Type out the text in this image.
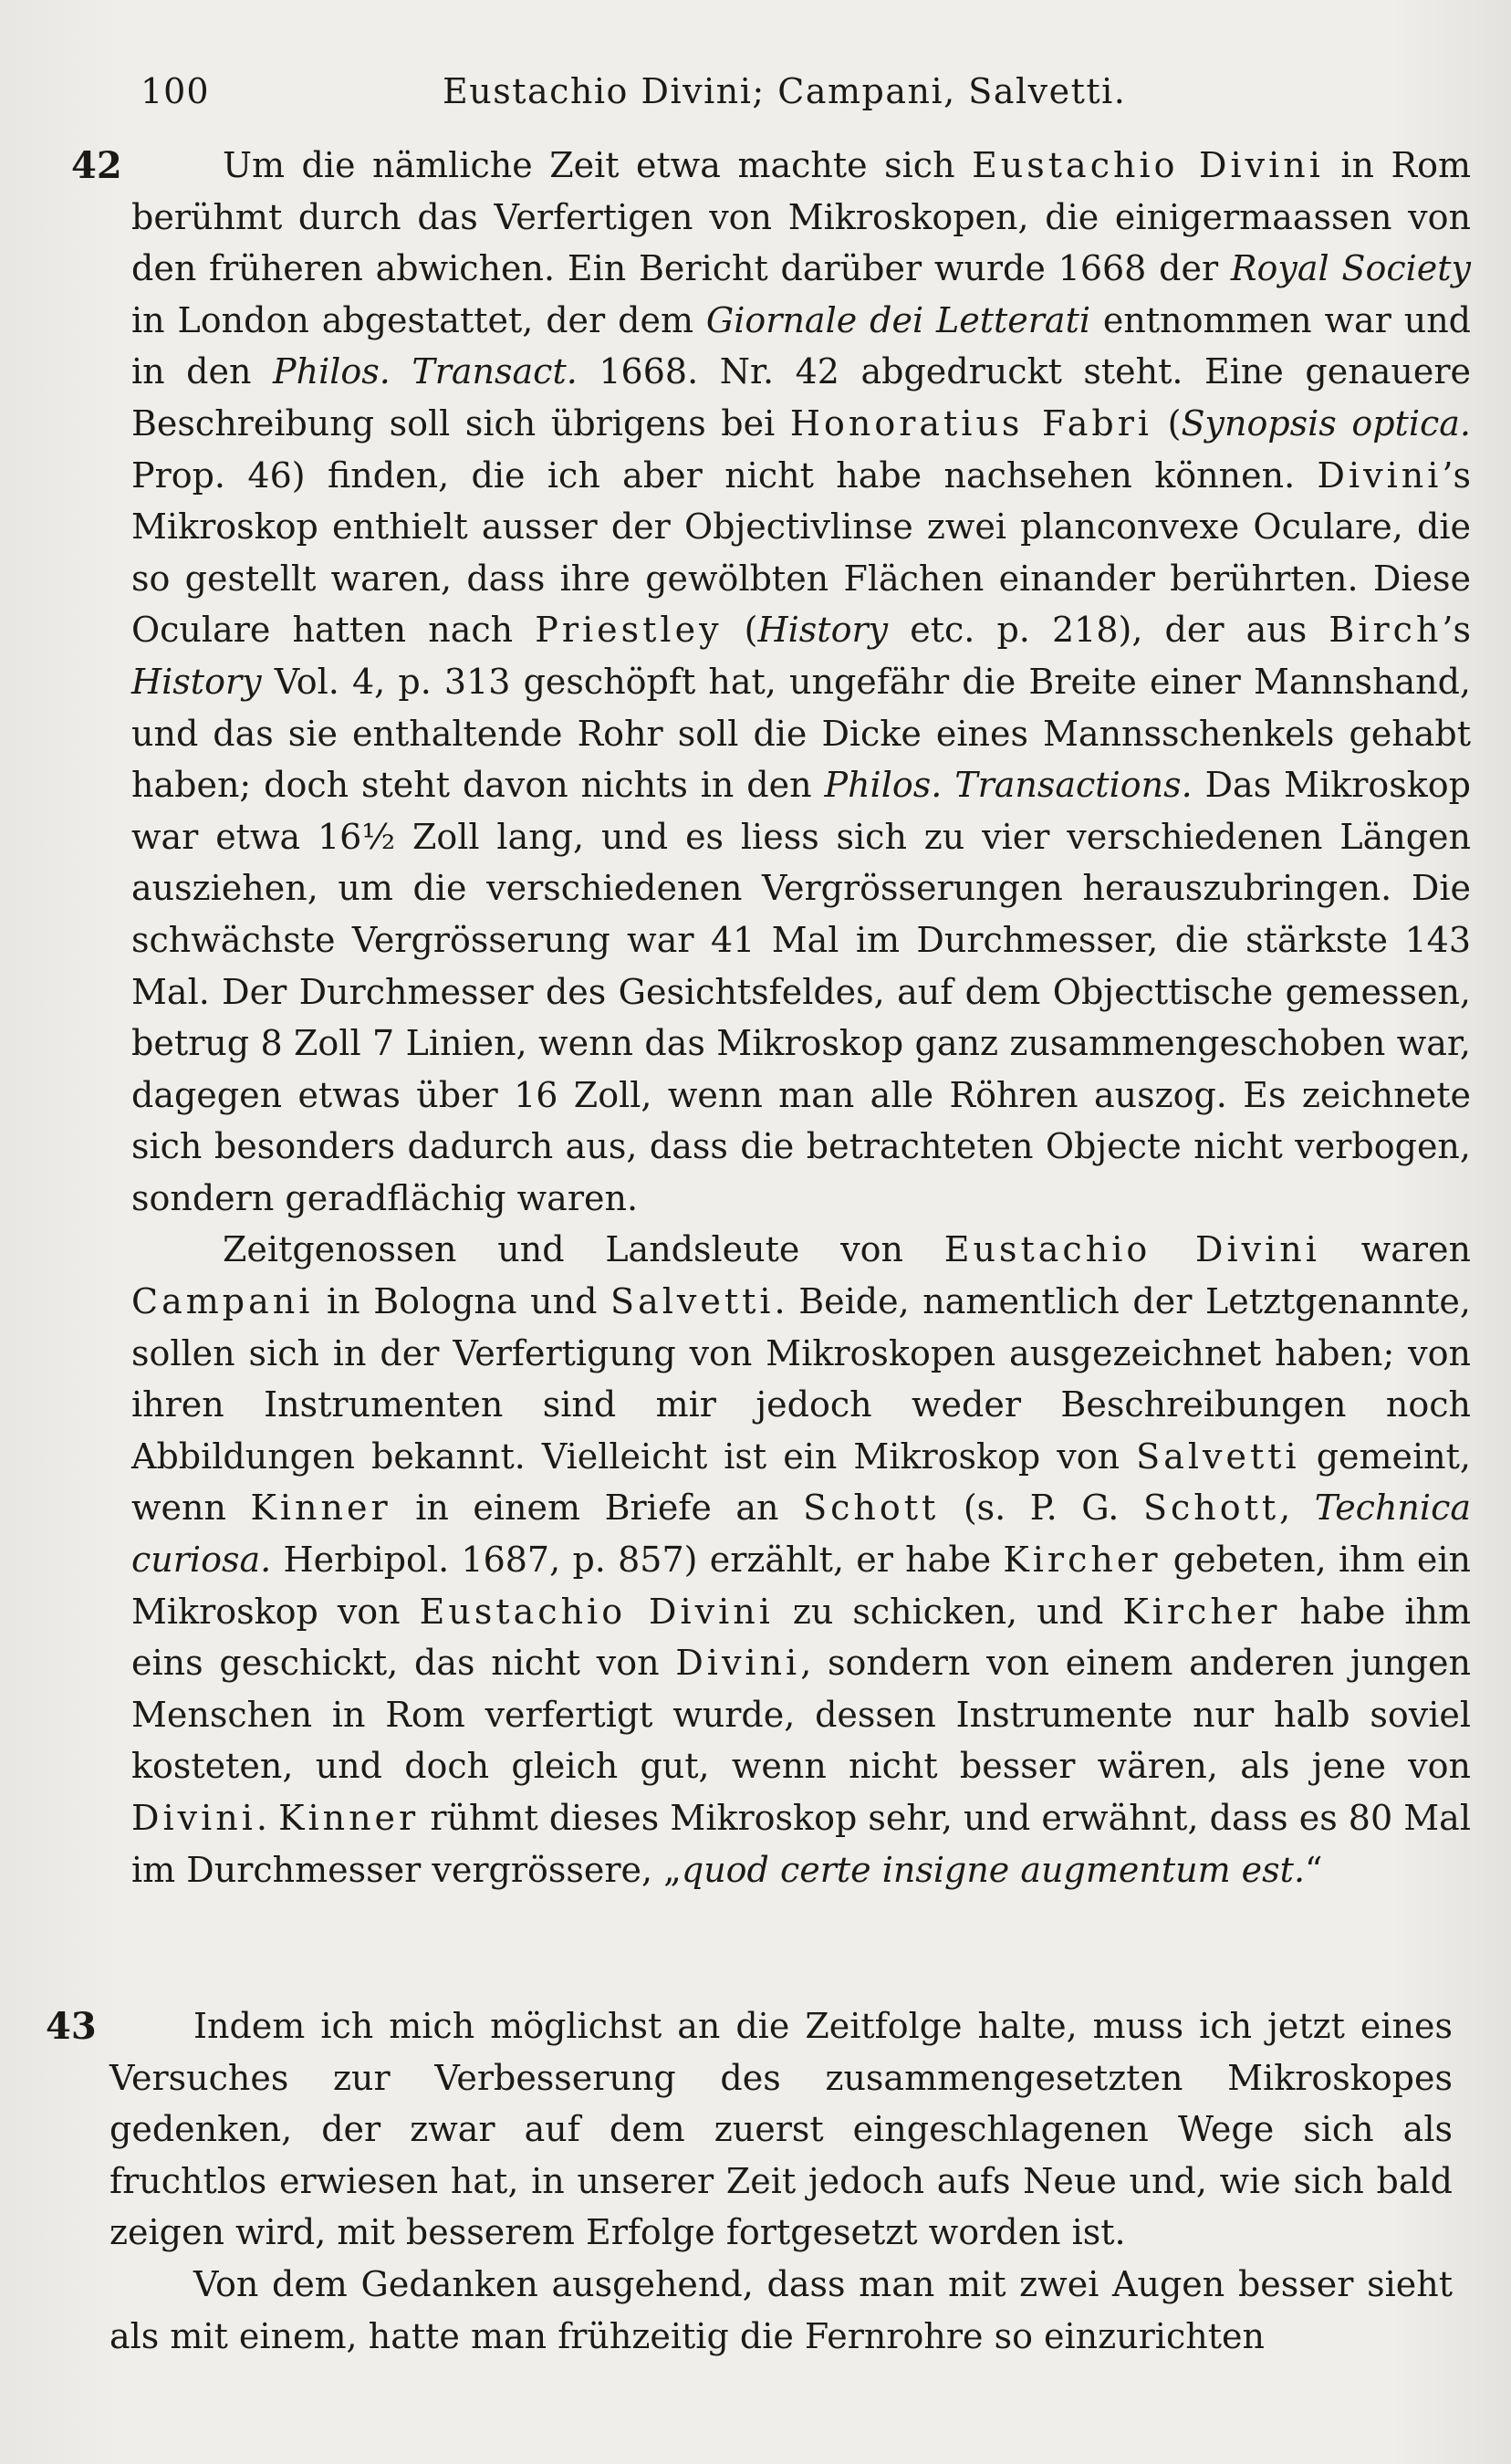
100	Eustachio Divini; Campani, Salvetti.
42	Um die nämliche Zeit etwa machte sich Eustachio Divini in Rom berühmt durch das Verfertigen von Mikroskopen, die einigermaassen von den früheren abwichen. Ein Bericht darüber wurde 1668 der Royal Society in London abgestattet, der dem Giornale dei Letterati entnommen war und in den Philos. Transact. 1668. Nr. 42 abgedruckt steht. Eine genauere Beschreibung soll sich übrigens bei Honoratius Fabri (Synopsis optica. Prop. 46) finden, die ich aber nicht habe nachsehen können. Divini’s Mikroskop enthielt ausser der Objectivlinse zwei planconvexe Oculare, die so gestellt waren, dass ihre gewölbten Flächen einander berührten. Diese Oculare hatten nach Priestley (History etc. p. 218), der aus Birch’s History Vol. 4, p. 313 geschöpft hat, ungefähr die Breite einer Mannshand, und das sie enthaltende Rohr soll die Dicke eines Mannsschenkels gehabt haben; doch steht davon nichts in den Philos. Transactions. Das Mikroskop war etwa 16½ Zoll lang, und es liess sich zu vier verschiedenen Längen ausziehen, um die verschiedenen Vergrösserungen herauszubringen. Die schwächste Vergrösserung war 41 Mal im Durchmesser, die stärkste 143 Mal. Der Durchmesser des Gesichtsfeldes, auf dem Objecttische gemessen, betrug 8 Zoll 7 Linien, wenn das Mikroskop ganz zusammengeschoben war, dagegen etwas über 16 Zoll, wenn man alle Röhren auszog. Es zeichnete sich besonders dadurch aus, dass die betrachteten Objecte nicht verbogen, sondern geradflächig waren.

Zeitgenossen und Landsleute von Eustachio Divini waren Campani in Bologna und Salvetti. Beide, namentlich der Letztgenannte, sollen sich in der Verfertigung von Mikroskopen ausgezeichnet haben; von ihren Instrumenten sind mir jedoch weder Beschreibungen noch Abbildungen bekannt. Vielleicht ist ein Mikroskop von Salvetti gemeint, wenn Kinner in einem Briefe an Schott (s. P. G. Schott, Technica curiosa. Herbipol. 1687, p. 857) erzählt, er habe Kircher gebeten, ihm ein Mikroskop von Eustachio Divini zu schicken, und Kircher habe ihm eins geschickt, das nicht von Divini, sondern von einem anderen jungen Menschen in Rom verfertigt wurde, dessen Instrumente nur halb soviel kosteten, und doch gleich gut, wenn nicht besser wären, als jene von Divini. Kinner rühmt dieses Mikroskop sehr, und erwähnt, dass es 80 Mal im Durchmesser vergrössere, „quod certe insigne augmentum est.“

43	Indem ich mich möglichst an die Zeitfolge halte, muss ich jetzt eines Versuches zur Verbesserung des zusammengesetzten Mikroskopes gedenken, der zwar auf dem zuerst eingeschlagenen Wege sich als fruchtlos erwiesen hat, in unserer Zeit jedoch aufs Neue und, wie sich bald zeigen wird, mit besserem Erfolge fortgesetzt worden ist.

Von dem Gedanken ausgehend, dass man mit zwei Augen besser sieht als mit einem, hatte man frühzeitig die Fernrohre so einzurichten
